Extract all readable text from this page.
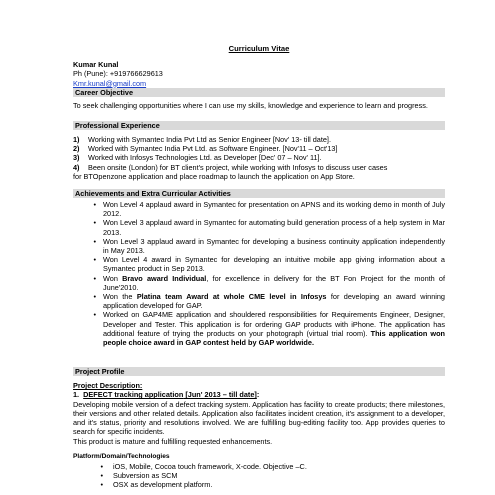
Curriculum Vitae
Kumar Kunal
Ph (Pune): +919766629613
Kmr.kunal@gmail.com
Career Objective
To seek challenging opportunities where I can use my skills, knowledge and experience to learn and progress.
Professional Experience
1)	Working with Symantec India Pvt Ltd as Senior Engineer [Nov' 13- till date].
2)	Worked with Symantec India Pvt Ltd. as Software Engineer. [Nov'11 – Oct'13]
3)	Worked with Infosys Technologies Ltd. as Developer [Dec' 07 – Nov' 11].
4)	Been onsite (London) for BT client's project, while working with Infosys to discuss user cases
for BTOpenzone application and place roadmap to launch the application on App Store.
Achievements and Extra Curricular Activities
• Won Level 4 applaud award in Symantec for presentation on APNS and its working demo in month of July 2012.
• Won Level 3 applaud award in Symantec for automating build generation process of a help system in Mar 2013.
• Won Level 3 applaud award in Symantec for developing a business continuity application independently in May 2013.
• Won Level 4 award in Symantec for developing an intuitive mobile app giving information about a Symantec product in Sep 2013.
• Won Bravo award Individual, for excellence in delivery for the BT Fon Project for the month of June'2010.
• Won the Platina team Award at whole CME level in Infosys for developing an award winning application developed for GAP.
• Worked on GAP4ME application and shouldered responsibilities for Requirements Engineer, Designer, Developer and Tester. This application is for ordering GAP products with iPhone. The application has additional feature of trying the products on your photograph (virtual trial room). This application won people choice award in GAP contest held by GAP worldwide.
Project Profile
Project Description:
1. DEFECT tracking application [Jun' 2013 – till date]:
Developing mobile version of a defect tracking system. Application has facility to create products; there milestones, their versions and other related details. Application also facilitates incident creation, it's assignment to a developer, and it's status, priority and resolutions involved. We are fulfilling bug-editing facility too. App provides queries to search for specific incidents.
This product is mature and fulfilling requested enhancements.
Platform/Domain/Technologies
•	iOS, Mobile, Cocoa touch framework, X-code. Objective –C.
•	Subversion as SCM
•	OSX as development platform.
